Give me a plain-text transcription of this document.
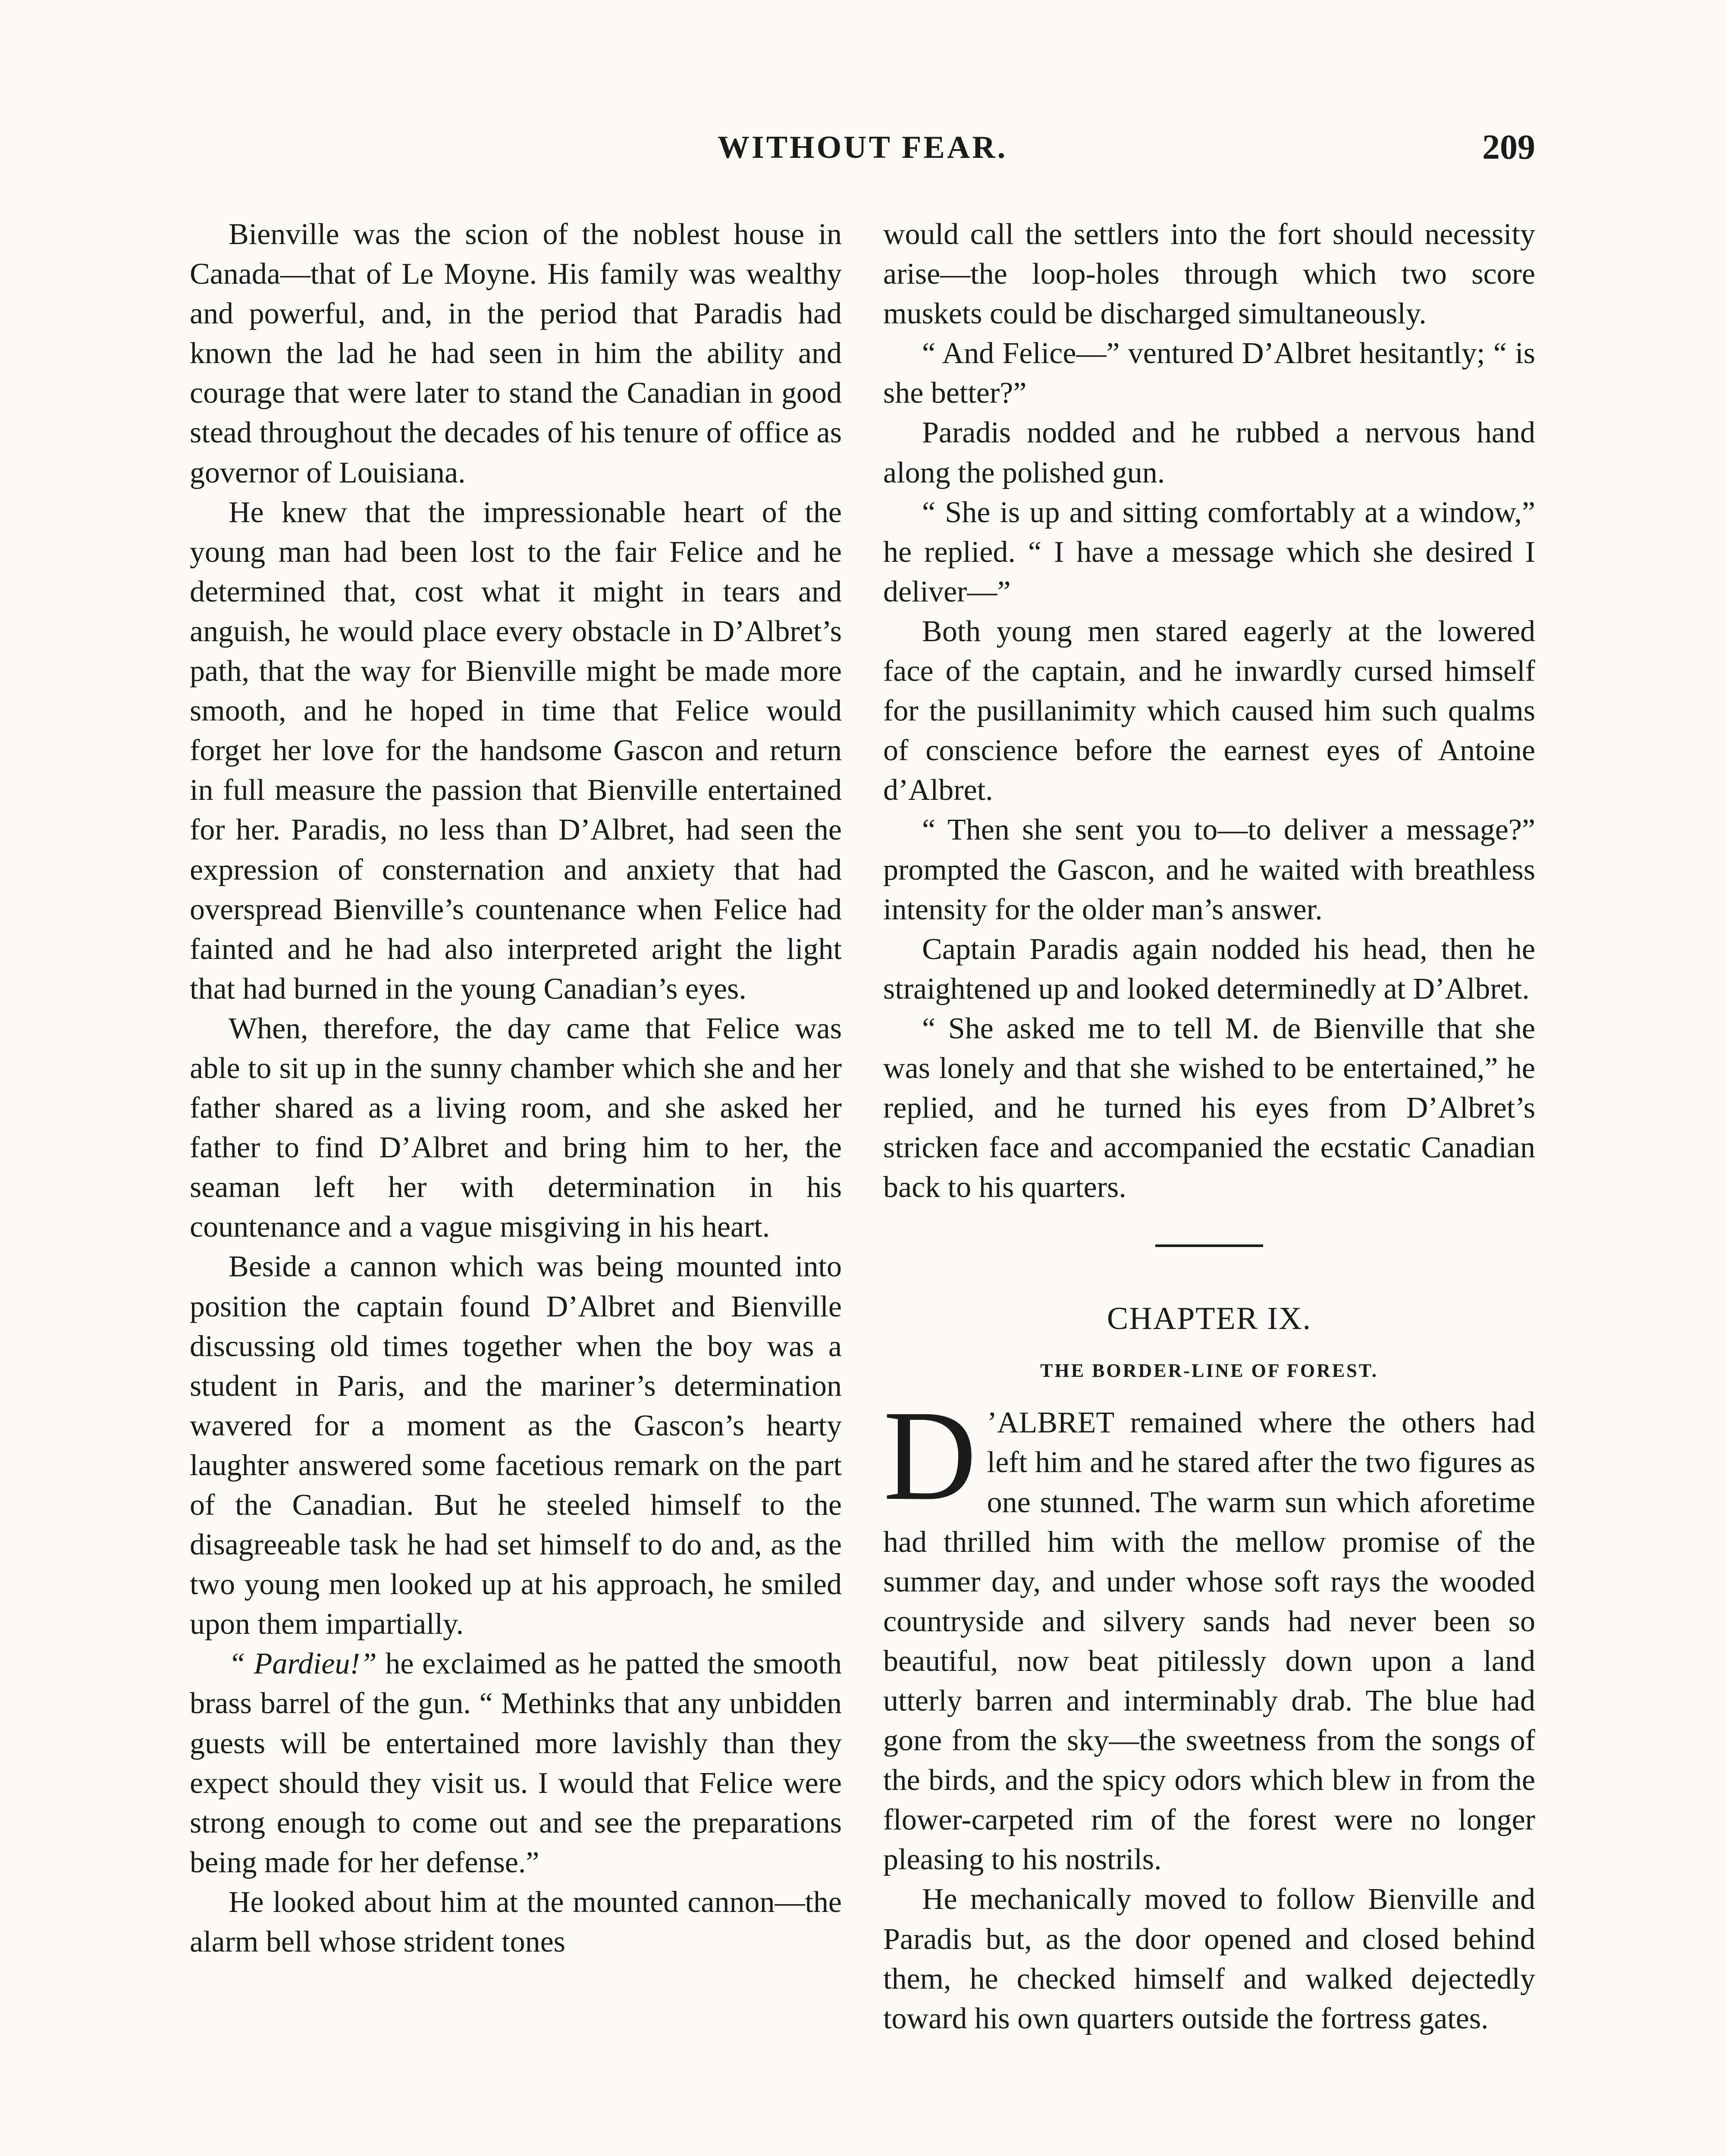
WITHOUT FEAR.	209

Bienville was the scion of the noblest house in Canada—that of Le Moyne. His family was wealthy and powerful, and, in the period that Paradis had known the lad he had seen in him the ability and courage that were later to stand the Canadian in good stead throughout the decades of his tenure of office as governor of Louisiana.

He knew that the impressionable heart of the young man had been lost to the fair Felice and he determined that, cost what it might in tears and anguish, he would place every obstacle in D’Albret’s path, that the way for Bienville might be made more smooth, and he hoped in time that Felice would forget her love for the handsome Gascon and return in full measure the passion that Bienville entertained for her. Paradis, no less than D’Albret, had seen the expression of consternation and anxiety that had overspread Bienville’s countenance when Felice had fainted and he had also interpreted aright the light that had burned in the young Canadian’s eyes.

When, therefore, the day came that Felice was able to sit up in the sunny chamber which she and her father shared as a living room, and she asked her father to find D’Albret and bring him to her, the seaman left her with determination in his countenance and a vague misgiving in his heart.

Beside a cannon which was being mounted into position the captain found D’Albret and Bienville discussing old times together when the boy was a student in Paris, and the mariner’s determination wavered for a moment as the Gascon’s hearty laughter answered some facetious remark on the part of the Canadian. But he steeled himself to the disagreeable task he had set himself to do and, as the two young men looked up at his approach, he smiled upon them impartially.

“ Pardieu!” he exclaimed as he patted the smooth brass barrel of the gun. “ Methinks that any unbidden guests will be entertained more lavishly than they expect should they visit us. I would that Felice were strong enough to come out and see the preparations being made for her defense.”

He looked about him at the mounted cannon—the alarm bell whose strident tones

would call the settlers into the fort should necessity arise—the loop-holes through which two score muskets could be discharged simultaneously.

“ And Felice—” ventured D’Albret hesitantly; “ is she better?”

Paradis nodded and he rubbed a nervous hand along the polished gun.

“ She is up and sitting comfortably at a window,” he replied. “ I have a message which she desired I deliver—”

Both young men stared eagerly at the lowered face of the captain, and he inwardly cursed himself for the pusillanimity which caused him such qualms of conscience before the earnest eyes of Antoine d’Albret.

“ Then she sent you to—to deliver a message?” prompted the Gascon, and he waited with breathless intensity for the older man’s answer.

Captain Paradis again nodded his head, then he straightened up and looked determinedly at D’Albret.

“ She asked me to tell M. de Bienville that she was lonely and that she wished to be entertained,” he replied, and he turned his eyes from D’Albret’s stricken face and accompanied the ecstatic Canadian back to his quarters.

CHAPTER IX.
THE BORDER-LINE OF FOREST.

D ’ALBRET remained where the others had left him and he stared after the two figures as one stunned. The warm sun which aforetime had thrilled him with the mellow promise of the summer day, and under whose soft rays the wooded countryside and silvery sands had never been so beautiful, now beat pitilessly down upon a land utterly barren and interminably drab. The blue had gone from the sky—the sweetness from the songs of the birds, and the spicy odors which blew in from the flower-carpeted rim of the forest were no longer pleasing to his nostrils.

He mechanically moved to follow Bienville and Paradis but, as the door opened and closed behind them, he checked himself and walked dejectedly toward his own quarters outside the fortress gates.
